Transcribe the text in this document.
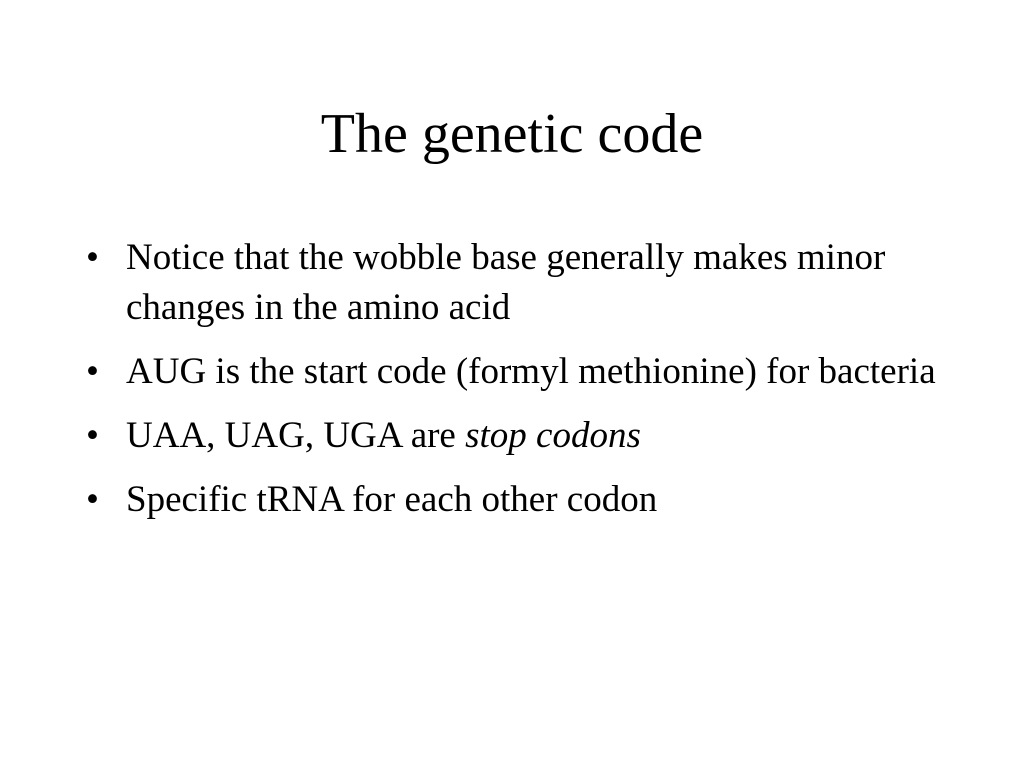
The genetic code
• Notice that the wobble base generally makes minor changes in the amino acid
• AUG is the start code (formyl methionine) for bacteria
• UAA, UAG, UGA are stop codons
• Specific tRNA for each other codon
